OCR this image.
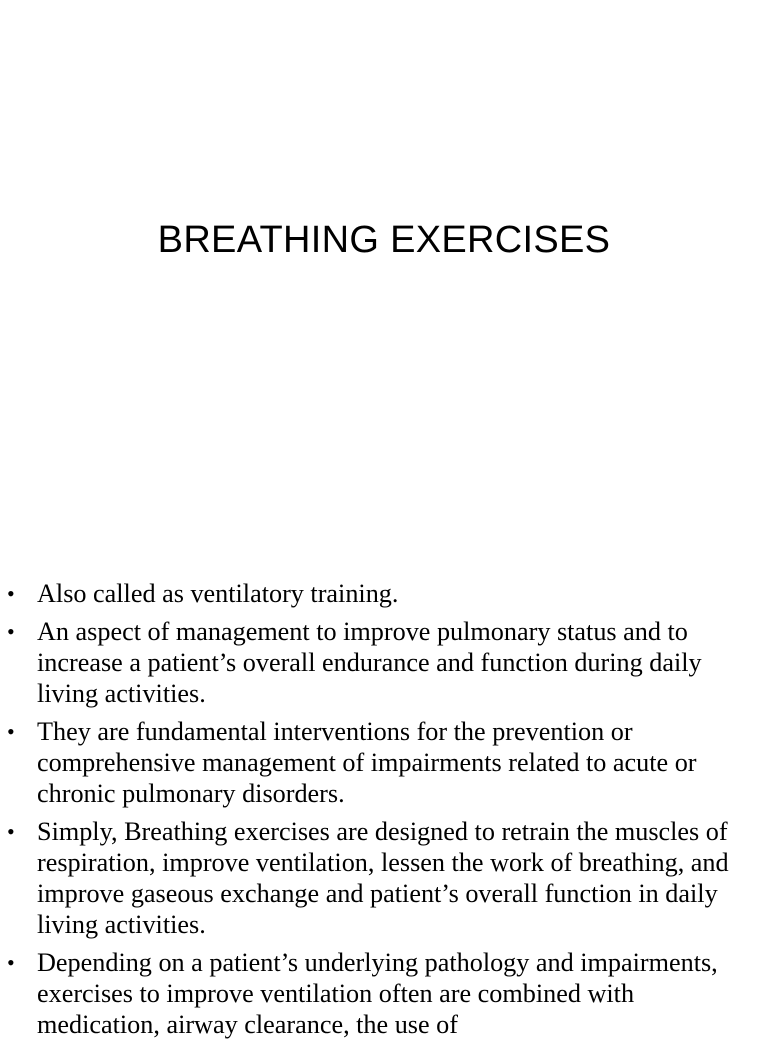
BREATHING EXERCISES
• Also called as ventilatory training.
• An aspect of management to improve pulmonary status and to increase a patient’s overall endurance and function during daily living activities.
• They are fundamental interventions for the prevention or comprehensive management of impairments related to acute or chronic pulmonary disorders.
• Simply, Breathing exercises are designed to retrain the muscles of respiration, improve ventilation, lessen the work of breathing, and improve gaseous exchange and patient’s overall function in daily living activities.
• Depending on a patient’s underlying pathology and impairments, exercises to improve ventilation often are combined with medication, airway clearance, the use of
